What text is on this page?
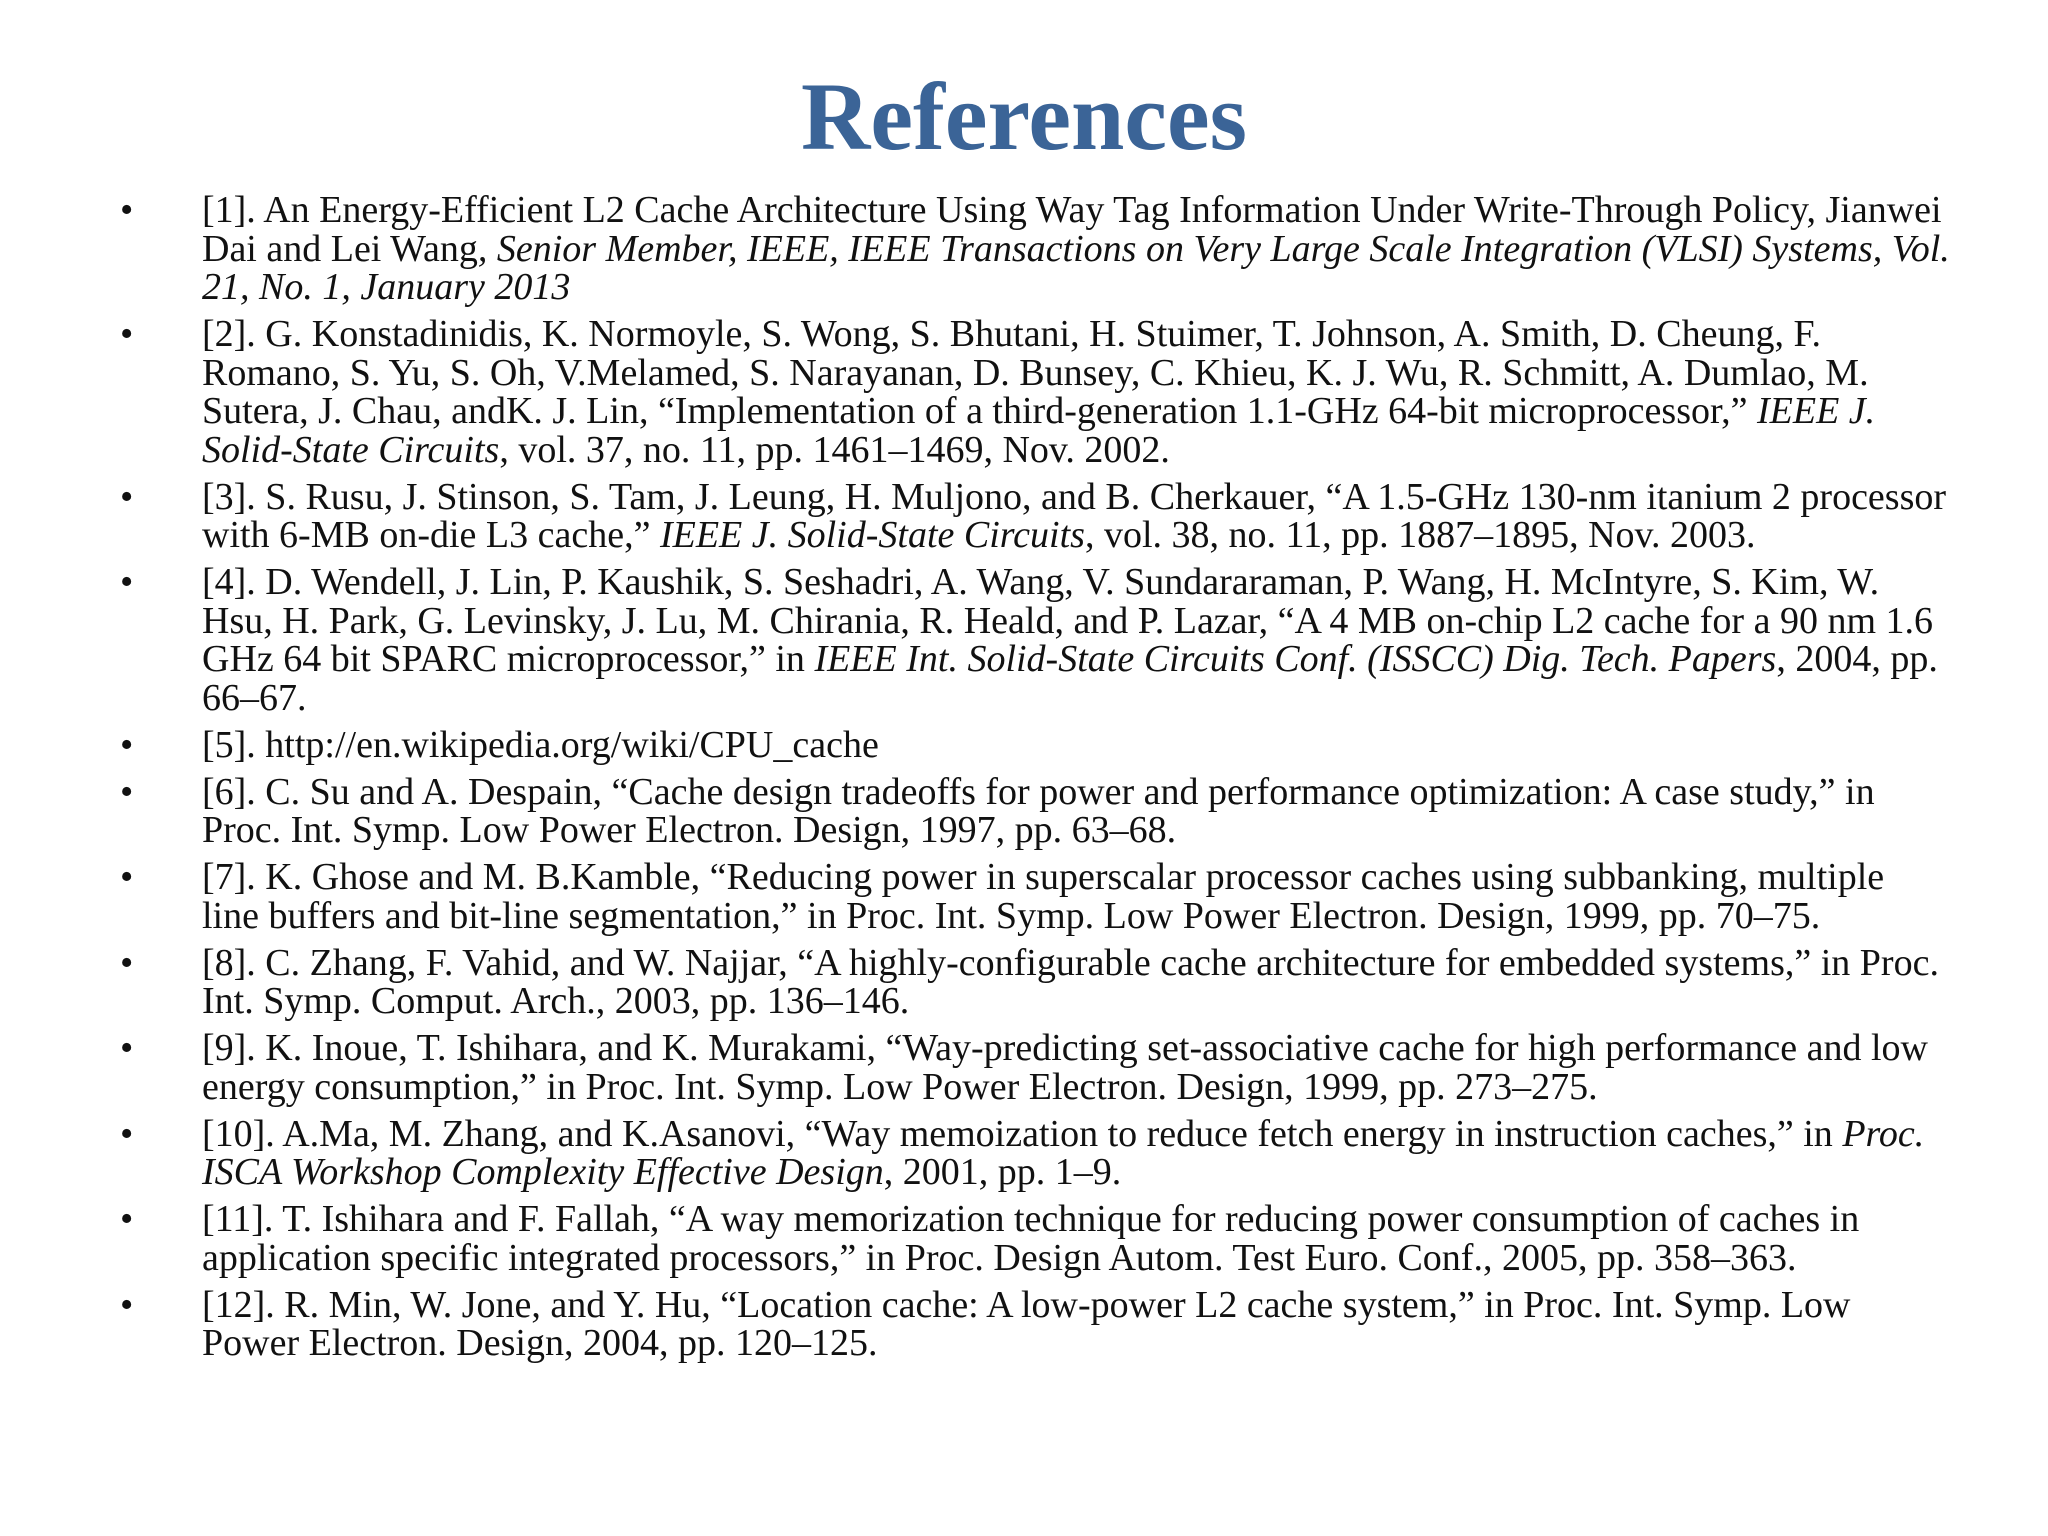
References
• [1]. An Energy-Efficient L2 Cache Architecture Using Way Tag Information Under Write-Through Policy, Jianwei Dai and Lei Wang, Senior Member, IEEE, IEEE Transactions on Very Large Scale Integration (VLSI) Systems, Vol. 21, No. 1, January 2013
• [2]. G. Konstadinidis, K. Normoyle, S. Wong, S. Bhutani, H. Stuimer, T. Johnson, A. Smith, D. Cheung, F. Romano, S. Yu, S. Oh, V.Melamed, S. Narayanan, D. Bunsey, C. Khieu, K. J. Wu, R. Schmitt, A. Dumlao, M. Sutera, J. Chau, andK. J. Lin, “Implementation of a third-generation 1.1-GHz 64-bit microprocessor,” IEEE J. Solid-State Circuits, vol. 37, no. 11, pp. 1461–1469, Nov. 2002.
• [3]. S. Rusu, J. Stinson, S. Tam, J. Leung, H. Muljono, and B. Cherkauer, “A 1.5-GHz 130-nm itanium 2 processor with 6-MB on-die L3 cache,” IEEE J. Solid-State Circuits, vol. 38, no. 11, pp. 1887–1895, Nov. 2003.
• [4]. D. Wendell, J. Lin, P. Kaushik, S. Seshadri, A. Wang, V. Sundararaman, P. Wang, H. McIntyre, S. Kim, W. Hsu, H. Park, G. Levinsky, J. Lu, M. Chirania, R. Heald, and P. Lazar, “A 4 MB on-chip L2 cache for a 90 nm 1.6 GHz 64 bit SPARC microprocessor,” in IEEE Int. Solid-State Circuits Conf. (ISSCC) Dig. Tech. Papers, 2004, pp. 66–67.
• [5]. http://en.wikipedia.org/wiki/CPU_cache
• [6]. C. Su and A. Despain, “Cache design tradeoffs for power and performance optimization: A case study,” in Proc. Int. Symp. Low Power Electron. Design, 1997, pp. 63–68.
• [7]. K. Ghose and M. B.Kamble, “Reducing power in superscalar processor caches using subbanking, multiple line buffers and bit-line segmentation,” in Proc. Int. Symp. Low Power Electron. Design, 1999, pp. 70–75.
• [8]. C. Zhang, F. Vahid, and W. Najjar, “A highly-configurable cache architecture for embedded systems,” in Proc. Int. Symp. Comput. Arch., 2003, pp. 136–146.
• [9]. K. Inoue, T. Ishihara, and K. Murakami, “Way-predicting set-associative cache for high performance and low energy consumption,” in Proc. Int. Symp. Low Power Electron. Design, 1999, pp. 273–275.
• [10]. A.Ma, M. Zhang, and K.Asanovi, “Way memoization to reduce fetch energy in instruction caches,” in Proc. ISCA Workshop Complexity Effective Design, 2001, pp. 1–9.
• [11]. T. Ishihara and F. Fallah, “A way memorization technique for reducing power consumption of caches in application specific integrated processors,” in Proc. Design Autom. Test Euro. Conf., 2005, pp. 358–363.
• [12]. R. Min, W. Jone, and Y. Hu, “Location cache: A low-power L2 cache system,” in Proc. Int. Symp. Low Power Electron. Design, 2004, pp. 120–125.
